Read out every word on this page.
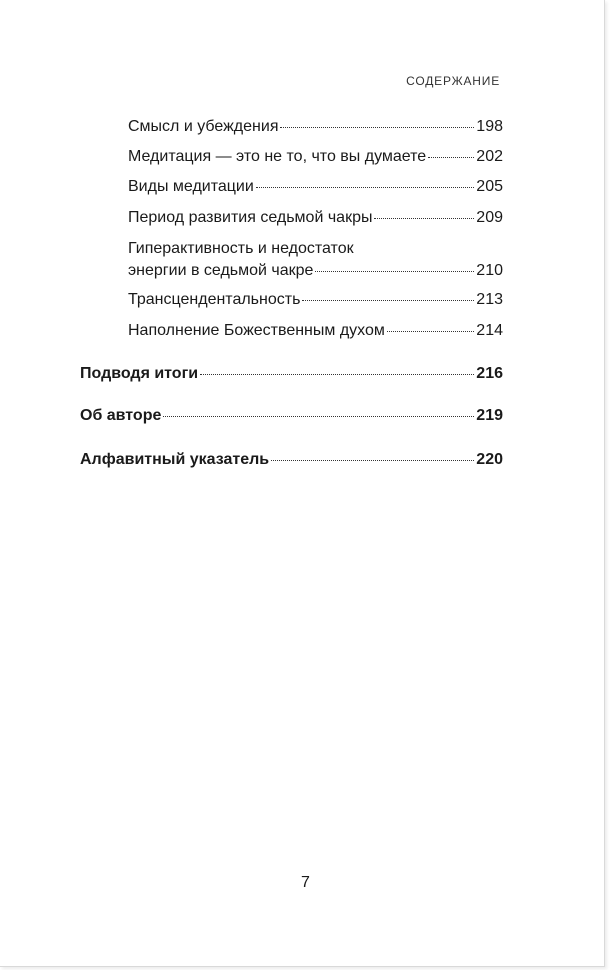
СОДЕРЖАНИЕ
Смысл и убеждения	198
Медитация — это не то, что вы думаете	202
Виды медитации	205
Период развития седьмой чакры	209
Гиперактивность и недостаток
энергии в седьмой чакре	210
Трансцендентальность	213
Наполнение Божественным духом	214
Подводя итоги	216
Об авторе	219
Алфавитный указатель	220
7
